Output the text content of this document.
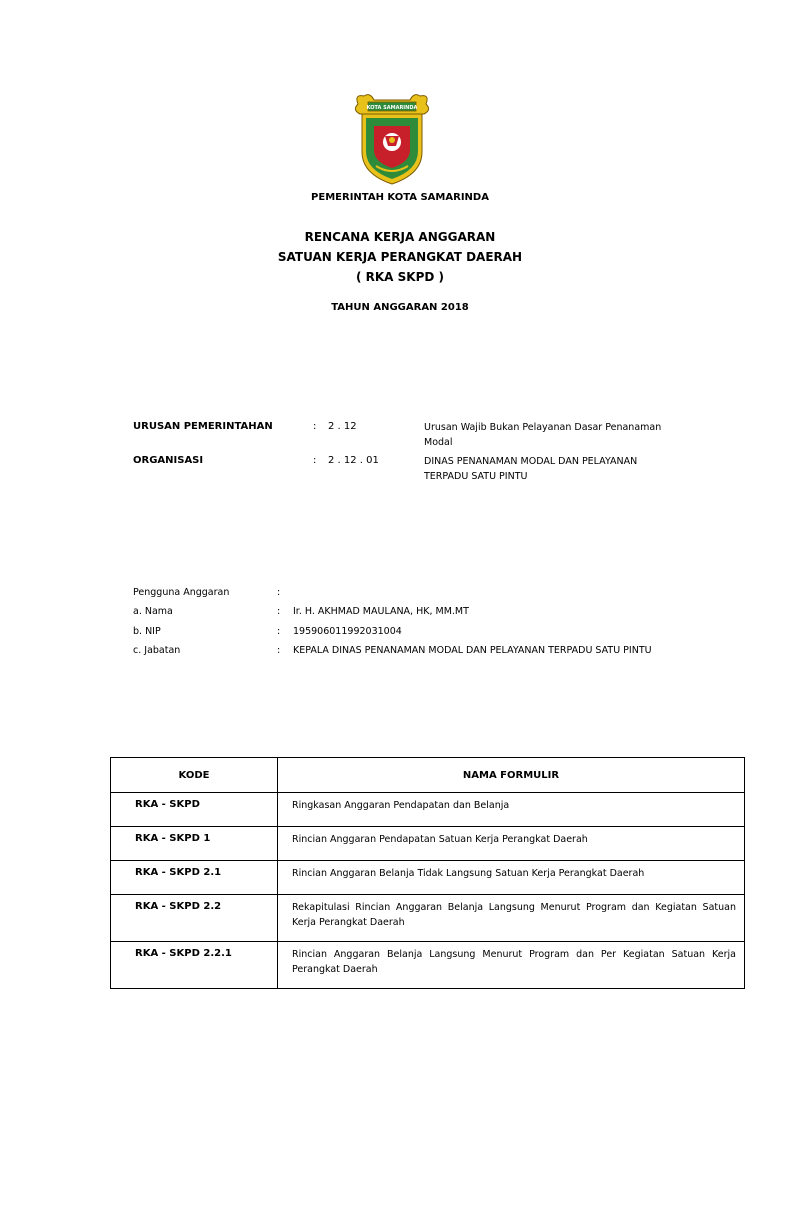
KOTA SAMARINDA
PEMERINTAH KOTA SAMARINDA
RENCANA KERJA ANGGARAN
SATUAN KERJA PERANGKAT DAERAH
( RKA SKPD )
TAHUN ANGGARAN 2018
URUSAN PEMERINTAHAN	: 2 . 12	Urusan Wajib Bukan Pelayanan Dasar Penanaman
Modal
ORGANISASI	: 2 . 12 . 01	DINAS PENANAMAN MODAL DAN PELAYANAN
TERPADU SATU PINTU
Pengguna Anggaran	:
a. Nama	: Ir. H. AKHMAD MAULANA, HK, MM.MT
b. NIP	: 195906011992031004
c. Jabatan	: KEPALA DINAS PENANAMAN MODAL DAN PELAYANAN TERPADU SATU PINTU
KODE	NAMA FORMULIR
RKA - SKPD	Ringkasan Anggaran Pendapatan dan Belanja
RKA - SKPD 1	Rincian Anggaran Pendapatan Satuan Kerja Perangkat Daerah
RKA - SKPD 2.1	Rincian Anggaran Belanja Tidak Langsung Satuan Kerja Perangkat Daerah
RKA - SKPD 2.2	Rekapitulasi Rincian Anggaran Belanja Langsung Menurut Program dan Kegiatan Satuan Kerja Perangkat Daerah
RKA - SKPD 2.2.1	Rincian Anggaran Belanja Langsung Menurut Program dan Per Kegiatan Satuan Kerja Perangkat Daerah
